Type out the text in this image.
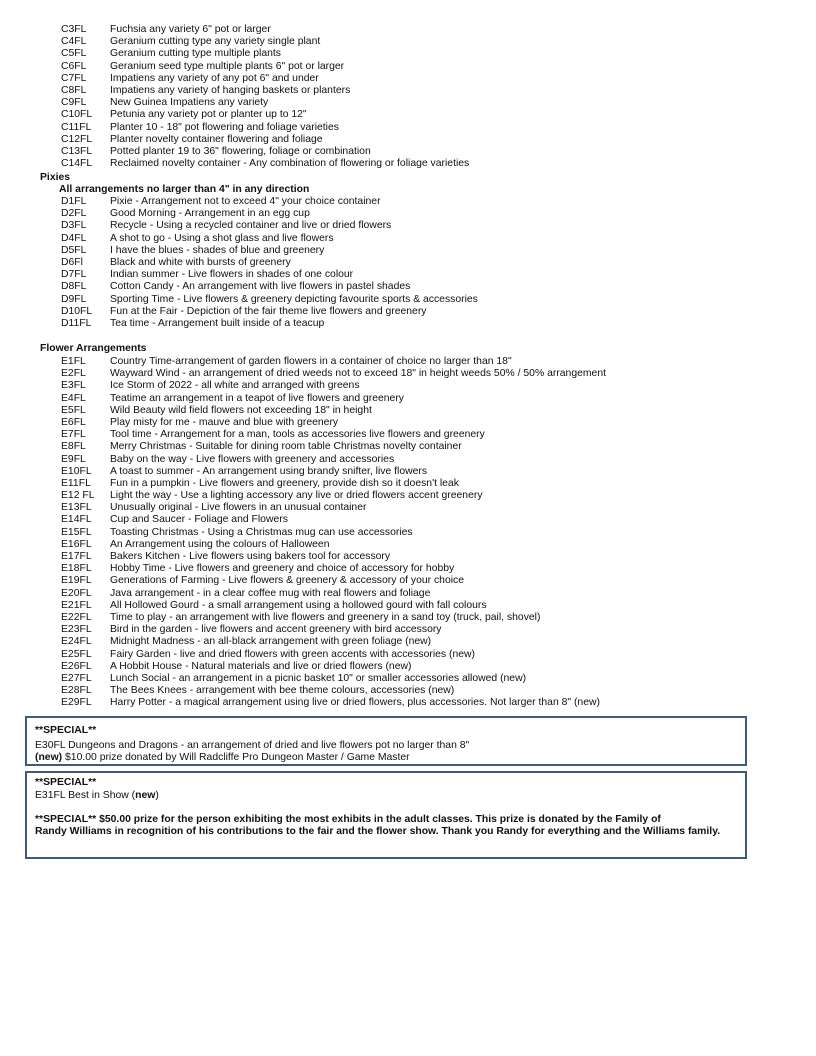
C3FL Fuchsia any variety 6" pot or larger
C4FL Geranium cutting type any variety single plant
C5FL Geranium cutting type multiple plants
C6FL Geranium seed type multiple plants 6" pot or larger
C7FL Impatiens any variety of any pot 6" and under
C8FL Impatiens any variety of hanging baskets or planters
C9FL New Guinea Impatiens any variety
C10FL Petunia any variety pot or planter up to 12"
C11FL Planter 10 - 18" pot flowering and foliage varieties
C12FL Planter novelty container flowering and foliage
C13FL Potted planter 19 to 36" flowering, foliage or combination
C14FL Reclaimed novelty container - Any combination of flowering or foliage varieties
Pixies
All arrangements no larger than 4" in any direction
D1FL Pixie - Arrangement not to exceed 4" your choice container
D2FL Good Morning - Arrangement in an egg cup
D3FL Recycle - Using a recycled container and live or dried flowers
D4FL A shot to go - Using a shot glass and live flowers
D5FL I have the blues - shades of blue and greenery
D6Fl	Black and white with bursts of greenery
D7FL Indian summer - Live flowers in shades of one colour
D8FL Cotton Candy - An arrangement with live flowers in pastel shades
D9FL Sporting Time - Live flowers & greenery depicting favourite sports & accessories
D10FL Fun at the Fair - Depiction of the fair theme live flowers and greenery
D11FL Tea time - Arrangement built inside of a teacup
Flower Arrangements
E1FL Country Time-arrangement of garden flowers in a container of choice no larger than 18"
E2FL Wayward Wind - an arrangement of dried weeds not to exceed 18" in height weeds 50% / 50% arrangement
E3FL Ice Storm of 2022 - all white and arranged with greens
E4FL Teatime an arrangement in a teapot of live flowers and greenery
E5FL Wild Beauty wild field flowers not exceeding 18" in height
E6FL Play misty for me - mauve and blue with greenery
E7FL Tool time - Arrangement for a man, tools as accessories live flowers and greenery
E8FL Merry Christmas - Suitable for dining room table Christmas novelty container
E9FL Baby on the way - Live flowers with greenery and accessories
E10FL A toast to summer - An arrangement using brandy snifter, live flowers
E11FL Fun in a pumpkin - Live flowers and greenery, provide dish so it doesn't leak
E12 FL Light the way - Use a lighting accessory any live or dried flowers accent greenery
E13FL Unusually original - Live flowers in an unusual container
E14FL Cup and Saucer - Foliage and Flowers
E15FL Toasting Christmas - Using a Christmas mug can use accessories
E16FL An Arrangement using the colours of Halloween
E17FL Bakers Kitchen - Live flowers using bakers tool for accessory
E18FL Hobby Time - Live flowers and greenery and choice of accessory for hobby
E19FL Generations of Farming - Live flowers & greenery & accessory of your choice
E20FL Java arrangement - in a clear coffee mug with real flowers and foliage
E21FL All Hollowed Gourd - a small arrangement using a hollowed gourd with fall colours
E22FL Time to play - an arrangement with live flowers and greenery in a sand toy (truck, pail, shovel)
E23FL Bird in the garden - live flowers and accent greenery with bird accessory
E24FL Midnight Madness - an all-black arrangement with green foliage (new)
E25FL Fairy Garden - live and dried flowers with green accents with accessories (new)
E26FL A Hobbit House - Natural materials and live or dried flowers (new)
E27FL Lunch Social - an arrangement in a picnic basket 10" or smaller accessories allowed (new)
E28FL The Bees Knees - arrangement with bee theme colours, accessories (new)
E29FL Harry Potter - a magical arrangement using live or dried flowers, plus accessories. Not larger than 8" (new)
**SPECIAL**
E30FL Dungeons and Dragons - an arrangement of dried and live flowers pot no larger than 8"
(new) $10.00 prize donated by Will Radcliffe Pro Dungeon Master / Game Master
**SPECIAL**
E31FL Best in Show (new)
**SPECIAL** $50.00 prize for the person exhibiting the most exhibits in the adult classes. This prize is donated by the Family of
Randy Williams in recognition of his contributions to the fair and the flower show. Thank you Randy for everything and the Williams family.
